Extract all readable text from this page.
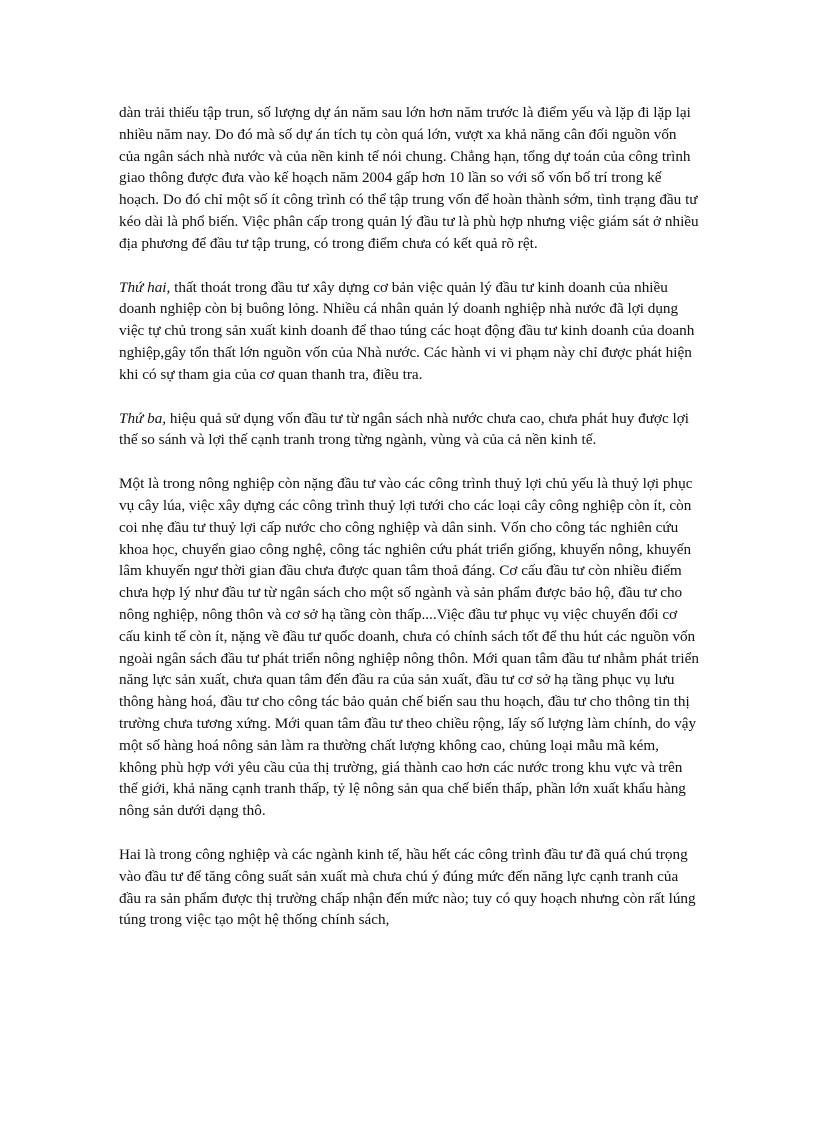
dàn trải thiếu tập trun, số lượng dự án năm sau lớn hơn năm trước là điểm yếu và lặp đi lặp lại nhiều năm nay. Do đó mà số dự án tích tụ còn quá lớn, vượt xa khả năng cân đối nguồn vốn của ngân sách nhà nước và của nền kinh tế nói chung. Chẳng hạn, tổng dự toán của công trình giao thông được đưa vào kế hoạch năm 2004 gấp hơn 10 lần so với số vốn bố trí trong kế hoạch. Do đó chỉ một số ít công trình có thể tập trung vốn để hoàn thành sớm, tình trạng đầu tư kéo dài là phổ biến. Việc phân cấp trong quản lý đầu tư là phù hợp nhưng việc giám sát ở nhiều địa phương để đầu tư tập trung, có trong điểm chưa có kết quả rõ rệt.

Thứ hai, thất thoát trong đầu tư xây dựng cơ bản việc quản lý đầu tư kinh doanh của nhiều doanh nghiệp còn bị buông lỏng. Nhiều cá nhân quản lý doanh nghiệp nhà nước đã lợi dụng việc tự chủ trong sản xuất kinh doanh để thao túng các hoạt động đầu tư kinh doanh của doanh nghiệp,gây tổn thất lớn nguồn vốn của Nhà nước. Các hành vi vi phạm này chỉ được phát hiện khi có sự tham gia của cơ quan thanh tra, điều tra.

Thứ ba, hiệu quả sử dụng vốn đầu tư từ ngân sách nhà nước chưa cao, chưa phát huy được lợi thế so sánh và lợi thế cạnh tranh trong từng ngành, vùng và của cả nền kinh tế.

Một là trong nông nghiệp còn nặng đầu tư vào các công trình thuỷ lợi chủ yếu là thuỷ lợi phục vụ cây lúa, việc xây dựng các công trình thuỷ lợi tưới cho các loại cây công nghiệp còn ít, còn coi nhẹ đầu tư thuỷ lợi cấp nước cho công nghiệp và dân sinh. Vốn cho công tác nghiên cứu khoa học, chuyển giao công nghệ, công tác nghiên cứu phát triển giống, khuyến nông, khuyến lâm khuyến ngư thời gian đầu chưa được quan tâm thoả đáng. Cơ cấu đầu tư còn nhiều điểm chưa hợp lý như đầu tư từ ngân sách cho một số ngành và sản phẩm được bảo hộ, đầu tư cho nông nghiệp, nông thôn và cơ sở hạ tầng còn thấp....Việc đầu tư phục vụ việc chuyển đổi cơ cấu kinh tế còn ít, nặng về đầu tư quốc doanh, chưa có chính sách tốt để thu hút các nguồn vốn ngoài ngân sách đầu tư phát triển nông nghiệp nông thôn. Mới quan tâm đầu tư nhằm phát triển năng lực sản xuất, chưa quan tâm đến đầu ra của sản xuất, đầu tư cơ sở hạ tầng phục vụ lưu thông hàng hoá, đầu tư cho công tác bảo quản chế biến sau thu hoạch, đầu tư cho thông tin thị trường chưa tương xứng. Mới quan tâm đầu tư theo chiều rộng, lấy số lượng làm chính, do vậy một số hàng hoá nông sản làm ra thường chất lượng không cao, chủng loại mẫu mã kém, không phù hợp với yêu cầu của thị trường, giá thành cao hơn các nước trong khu vực và trên thế giới, khả năng cạnh tranh thấp, tỷ lệ nông sản qua chế biến thấp, phần lớn xuất khẩu hàng nông sản dưới dạng thô.

Hai là trong công nghiệp và các ngành kinh tế, hầu hết các công trình đầu tư đã quá chú trọng vào đầu tư để tăng công suất sản xuất mà chưa chú ý đúng mức đến năng lực cạnh tranh của đầu ra sản phẩm được thị trường chấp nhận đến mức nào; tuy có quy hoạch nhưng còn rất lúng túng trong việc tạo một hệ thống chính sách,
